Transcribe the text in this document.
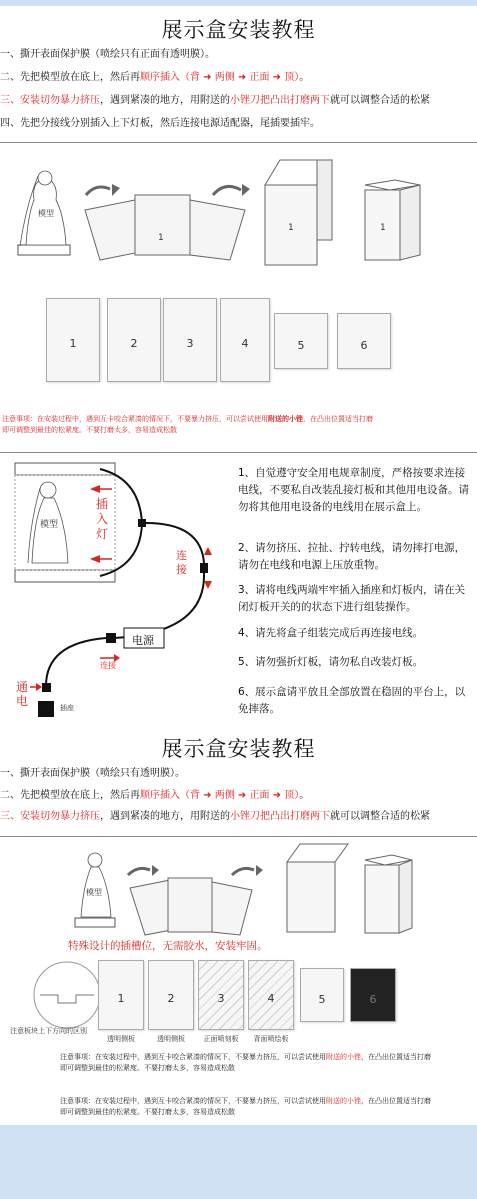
展示盒安装教程
一、撕开表面保护膜（喷绘只有正面有透明膜）。
二、先把模型放在底上，然后再顺序插入（背 ➜ 两侧 ➜ 正面 ➜ 顶）。
三、安装切勿暴力挤压，遇到紧凑的地方，用附送的小锉刀把凸出打磨两下就可以调整合适的松紧
四、先把分接线分别插入上下灯板，然后连接电源适配器，尾插要插牢。
模型
1
1	1
1	2	3	4	5	6
注意事项：在安装过程中，遇到互卡咬合紧凑的情况下，不要暴力挤压，可以尝试使用附送的小锉，在凸出位置适当打磨
即可调整到最佳的松紧度。不要打磨太多，容易造成松散
模型
插入灯
连接
电源
连接
通电	插座
1、自觉遵守安全用电规章制度，严格按要求连接电线，不要私自改装乱接灯板和其他用电设备。请勿将其他用电设备的电线用在展示盒上。
2、请勿挤压、拉扯、拧转电线，请勿摔打电源，请勿在电线和电源上压放重物。
3、请将电线两端牢牢插入插座和灯板内，请在关闭灯板开关的的状态下进行组装操作。
4、请先将盒子组装完成后再连接电线。
5、请勿强折灯板，请勿私自改装灯板。
6、展示盒请平放且全部放置在稳固的平台上，以免摔落。
展示盒安装教程
一、撕开表面保护膜（喷绘只有透明膜）。
二、先把模型放在底上，然后再顺序插入（背 ➜ 两侧 ➜ 正面 ➜ 顶）。
三、安装切勿暴力挤压，遇到紧凑的地方，用附送的小锉刀把凸出打磨两下就可以调整合适的松紧
模型
特殊设计的插槽位，无需胶水，安装牢固。
注意板块上下方向的区别
1
透明侧板
2
透明侧板
3
正面喷刻板
4
背面喷绘板
5	6
注意事项：在安装过程中，遇到互卡咬合紧凑的情况下，不要暴力挤压，可以尝试使用附送的小锉，在凸出位置适当打磨
即可调整到最佳的松紧度。不要打磨太多，容易造成松散
注意事项：在安装过程中，遇到互卡咬合紧凑的情况下，不要暴力挤压，可以尝试使用附送的小锉，在凸出位置适当打磨
即可调整到最佳的松紧度。不要打磨太多，容易造成松散
